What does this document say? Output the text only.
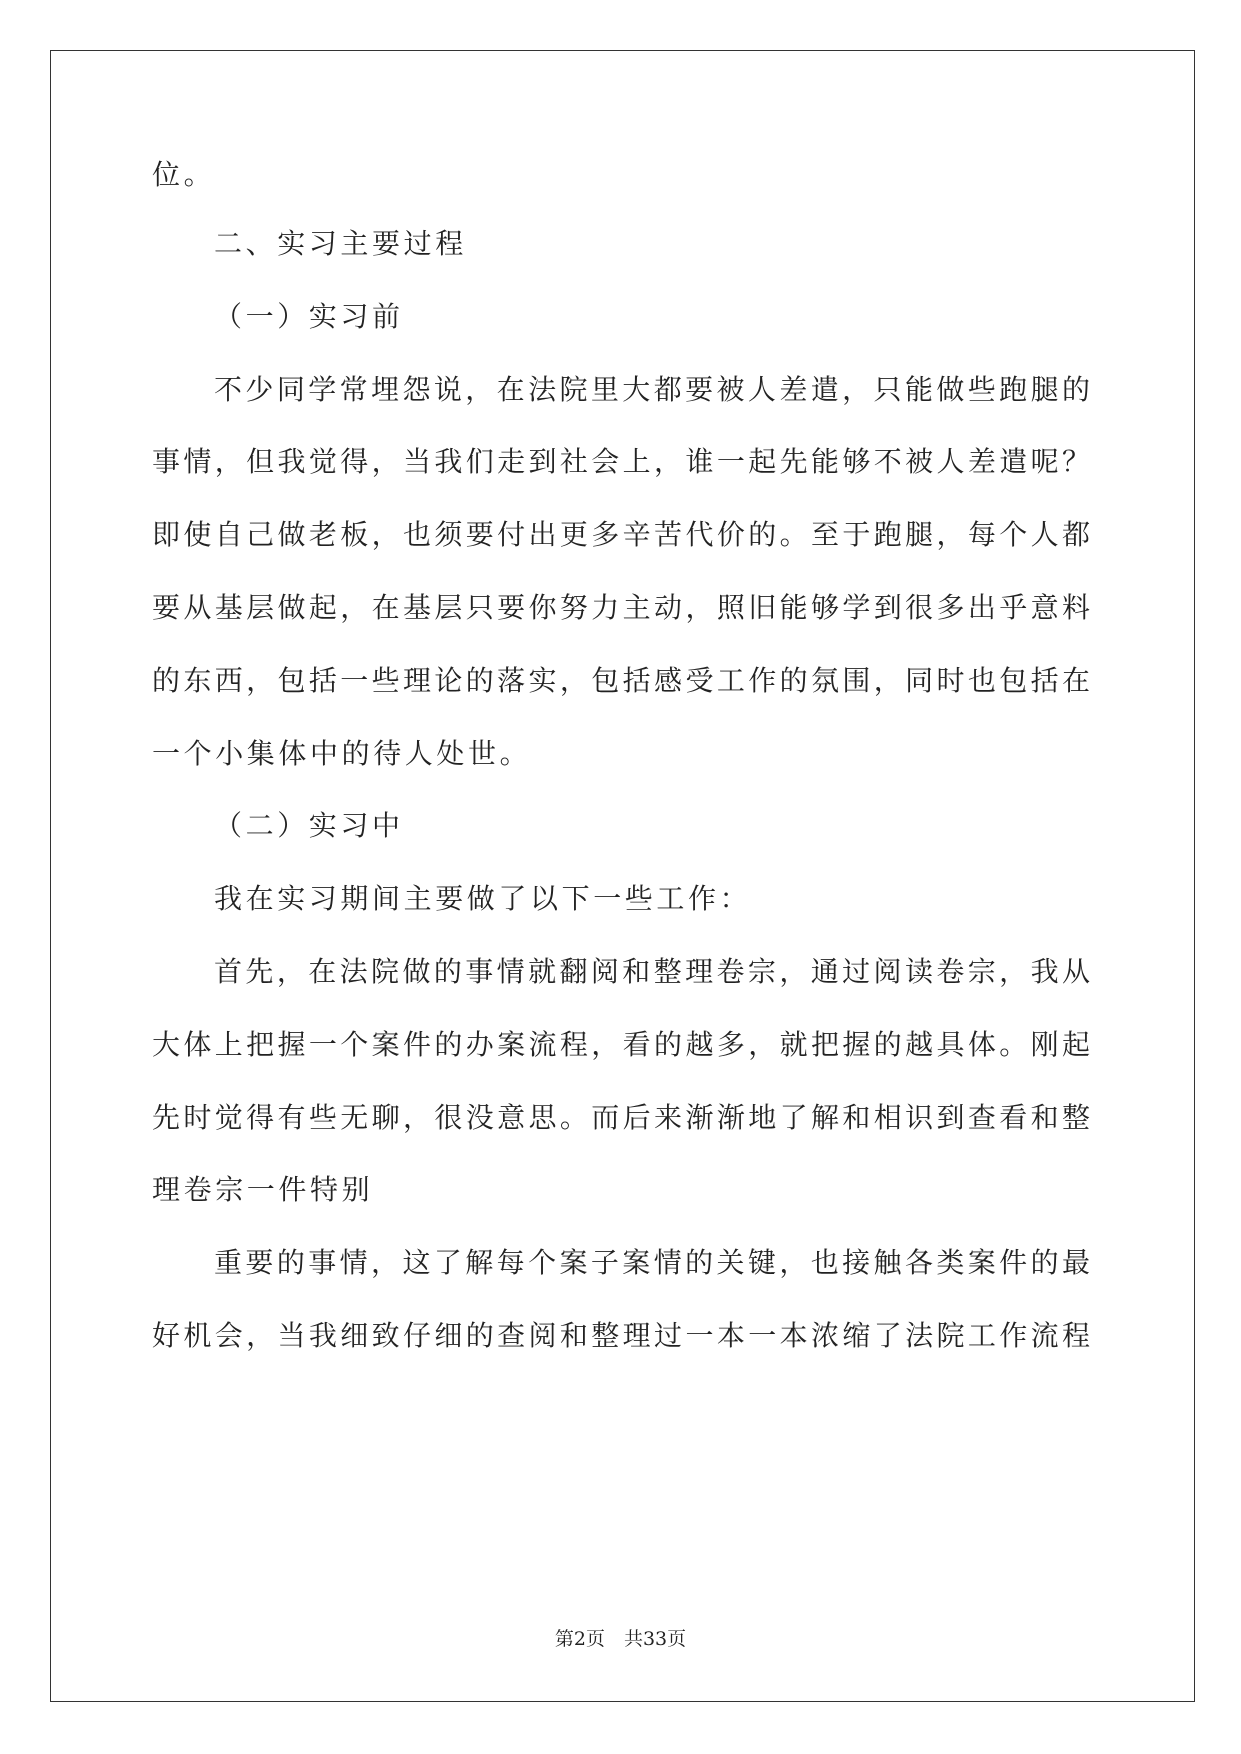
位。
二、实习主要过程
（一）实习前
不少同学常埋怨说，在法院里大都要被人差遣，只能做些跑腿的
事情，但我觉得，当我们走到社会上，谁一起先能够不被人差遣呢？
即使自己做老板，也须要付出更多辛苦代价的。至于跑腿，每个人都
要从基层做起，在基层只要你努力主动，照旧能够学到很多出乎意料
的东西，包括一些理论的落实，包括感受工作的氛围，同时也包括在
一个小集体中的待人处世。
（二）实习中
我在实习期间主要做了以下一些工作：
首先，在法院做的事情就翻阅和整理卷宗，通过阅读卷宗，我从
大体上把握一个案件的办案流程，看的越多，就把握的越具体。刚起
先时觉得有些无聊，很没意思。而后来渐渐地了解和相识到查看和整
理卷宗一件特别
重要的事情，这了解每个案子案情的关键，也接触各类案件的最
好机会，当我细致仔细的查阅和整理过一本一本浓缩了法院工作流程
第2页　共33页
